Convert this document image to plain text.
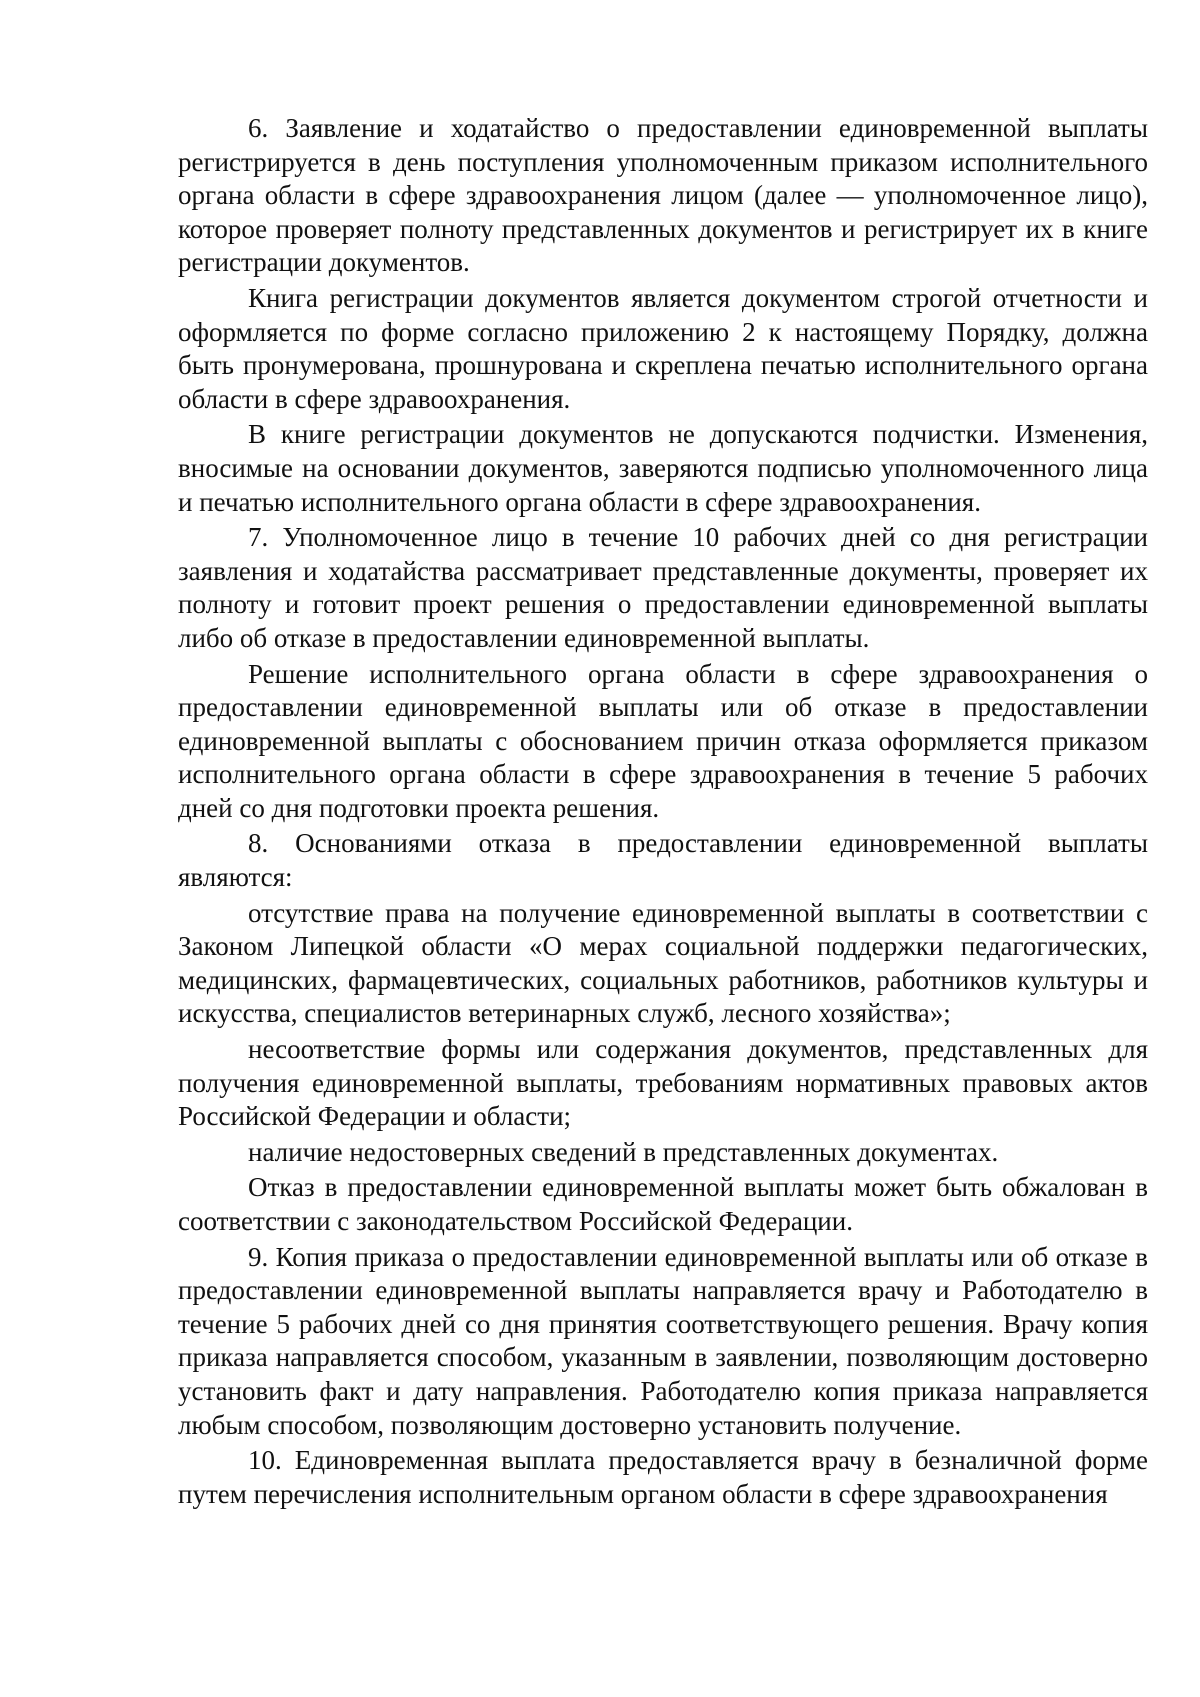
6. Заявление и ходатайство о предоставлении единовременной выплаты регистрируется в день поступления уполномоченным приказом исполнительного органа области в сфере здравоохранения лицом (далее — уполномоченное лицо), которое проверяет полноту представленных документов и регистрирует их в книге регистрации документов.

Книга регистрации документов является документом строгой отчетности и оформляется по форме согласно приложению 2 к настоящему Порядку, должна быть пронумерована, прошнурована и скреплена печатью исполнительного органа области в сфере здравоохранения.

В книге регистрации документов не допускаются подчистки. Изменения, вносимые на основании документов, заверяются подписью уполномоченного лица и печатью исполнительного органа области в сфере здравоохранения.

7. Уполномоченное лицо в течение 10 рабочих дней со дня регистрации заявления и ходатайства рассматривает представленные документы, проверяет их полноту и готовит проект решения о предоставлении единовременной выплаты либо об отказе в предоставлении единовременной выплаты.

Решение исполнительного органа области в сфере здравоохранения о предоставлении единовременной выплаты или об отказе в предоставлении единовременной выплаты с обоснованием причин отказа оформляется приказом исполнительного органа области в сфере здравоохранения в течение 5 рабочих дней со дня подготовки проекта решения.

8. Основаниями отказа в предоставлении единовременной выплаты являются:

отсутствие права на получение единовременной выплаты в соответствии с Законом Липецкой области «О мерах социальной поддержки педагогических, медицинских, фармацевтических, социальных работников, работников культуры и искусства, специалистов ветеринарных служб, лесного хозяйства»;

несоответствие формы или содержания документов, представленных для получения единовременной выплаты, требованиям нормативных правовых актов Российской Федерации и области;

наличие недостоверных сведений в представленных документах.

Отказ в предоставлении единовременной выплаты может быть обжалован в соответствии с законодательством Российской Федерации.

9. Копия приказа о предоставлении единовременной выплаты или об отказе в предоставлении единовременной выплаты направляется врачу и Работодателю в течение 5 рабочих дней со дня принятия соответствующего решения. Врачу копия приказа направляется способом, указанным в заявлении, позволяющим достоверно установить факт и дату направления. Работодателю копия приказа направляется любым способом, позволяющим достоверно установить получение.

10. Единовременная выплата предоставляется врачу в безналичной форме путем перечисления исполнительным органом области в сфере здравоохранения
